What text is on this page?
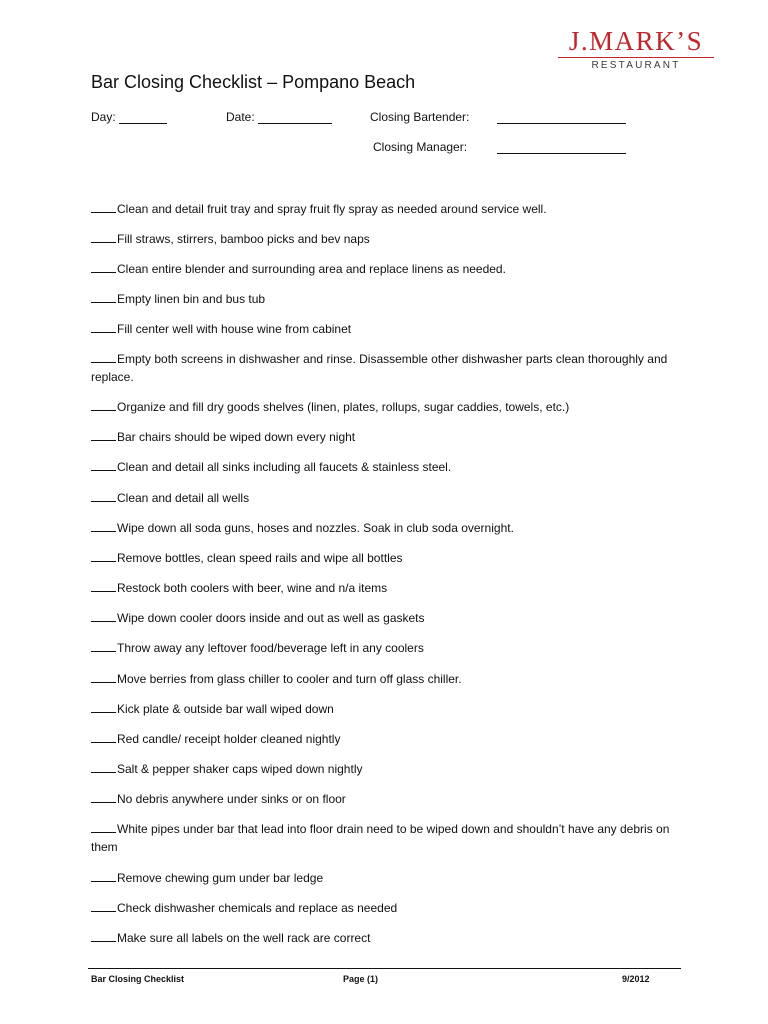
J.MARK’S
RESTAURANT
Bar Closing Checklist – Pompano Beach
Day:	Date:	Closing Bartender:
Closing Manager:
Clean and detail fruit tray and spray fruit fly spray as needed around service well.
Fill straws, stirrers, bamboo picks and bev naps
Clean entire blender and surrounding area and replace linens as needed.
Empty linen bin and bus tub
Fill center well with house wine from cabinet
Empty both screens in dishwasher and rinse. Disassemble other dishwasher parts clean thoroughly and replace.
Organize and fill dry goods shelves (linen, plates, rollups, sugar caddies, towels, etc.)
Bar chairs should be wiped down every night
Clean and detail all sinks including all faucets & stainless steel.
Clean and detail all wells
Wipe down all soda guns, hoses and nozzles. Soak in club soda overnight.
Remove bottles, clean speed rails and wipe all bottles
Restock both coolers with beer, wine and n/a items
Wipe down cooler doors inside and out as well as gaskets
Throw away any leftover food/beverage left in any coolers
Move berries from glass chiller to cooler and turn off glass chiller.
Kick plate & outside bar wall wiped down
Red candle/ receipt holder cleaned nightly
Salt & pepper shaker caps wiped down nightly
No debris anywhere under sinks or on floor
White pipes under bar that lead into floor drain need to be wiped down and shouldn’t have any debris on them
Remove chewing gum under bar ledge
Check dishwasher chemicals and replace as needed
Make sure all labels on the well rack are correct
Bar Closing Checklist	Page (1)	9/2012
